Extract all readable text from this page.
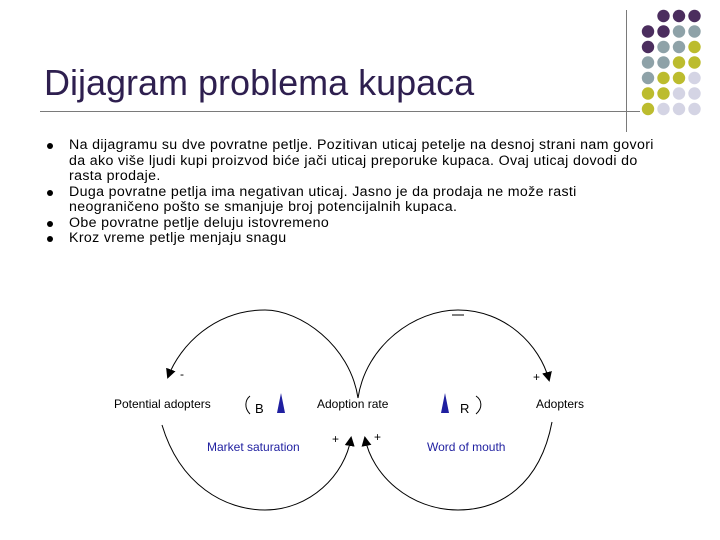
Dijagram problema kupaca
Na dijagramu su dve povratne petlje. Pozitivan uticaj petelje na desnoj strani nam govori da ako više ljudi kupi proizvod biće jači uticaj preporuke kupaca. Ovaj uticaj dovodi do rasta prodaje.
Duga povratne petlja ima negativan uticaj. Jasno je da prodaja ne može rasti neograničeno pošto se smanjuje broj potencijalnih kupaca.
Obe povratne petlje deluju istovremeno
Kroz vreme petlje menjaju snagu
Potential adopters	Adoption rate	Adopters
Market saturation	Word of mouth
B	R
-	+
+	+
